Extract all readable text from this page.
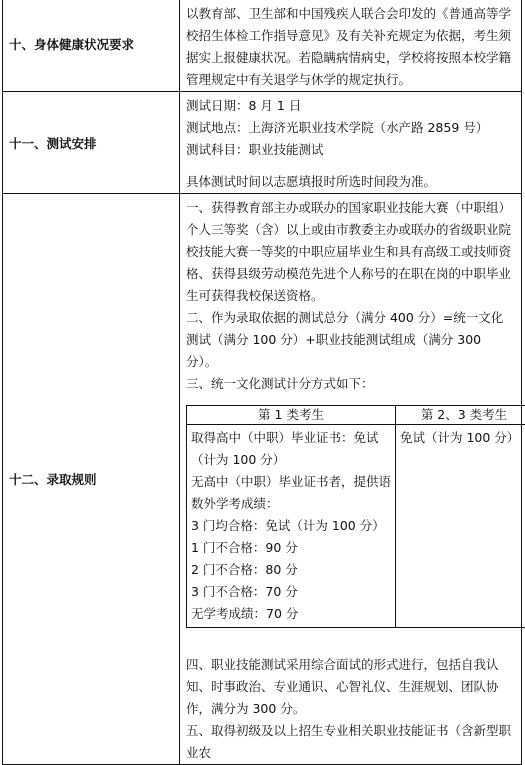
十、身体健康状况要求	

以教育部、卫生部和中国残疾人联合会印发的《普通高等学校招生体检工作指导意见》及有关补充规定为依据，考生须据实上报健康状况。若隐瞒病情病史，学校将按照本校学籍管理规定中有关退学与休学的规定执行。

十一、测试安排	

测试日期：8 月 1 日

测试地点：上海济光职业技术学院（水产路 2859 号）

测试科目：职业技能测试

具体测试时间以志愿填报时所选时间段为准。

十二、录取规则	

一、获得教育部主办或联办的国家职业技能大赛（中职组）个人三等奖（含）以上或由市教委主办或联办的省级职业院校技能大赛一等奖的中职应届毕业生和具有高级工或技师资格、获得县级劳动模范先进个人称号的在职在岗的中职毕业生可获得我校保送资格。

二、作为录取依据的测试总分（满分 400 分）=统一文化测试（满分 100 分）+职业技能测试组成（满分 300 分）。

三、统一文化测试计分方式如下：

第 1 类考生	第 2、3 类考生

取得高中（中职）毕业证书：免试（计为 100 分）
无高中（中职）毕业证书者，提供语数外学考成绩：
3 门均合格：免试（计为 100 分）
1 门不合格：90 分
2 门不合格：80 分
3 门不合格：70 分
无学考成绩：70 分
	免试（计为 100 分）

四、职业技能测试采用综合面试的形式进行，包括自我认知、时事政治、专业通识、心智礼仪、生涯规划、团队协作，满分为 300 分。

五、取得初级及以上招生专业相关职业技能证书（含新型职业农
